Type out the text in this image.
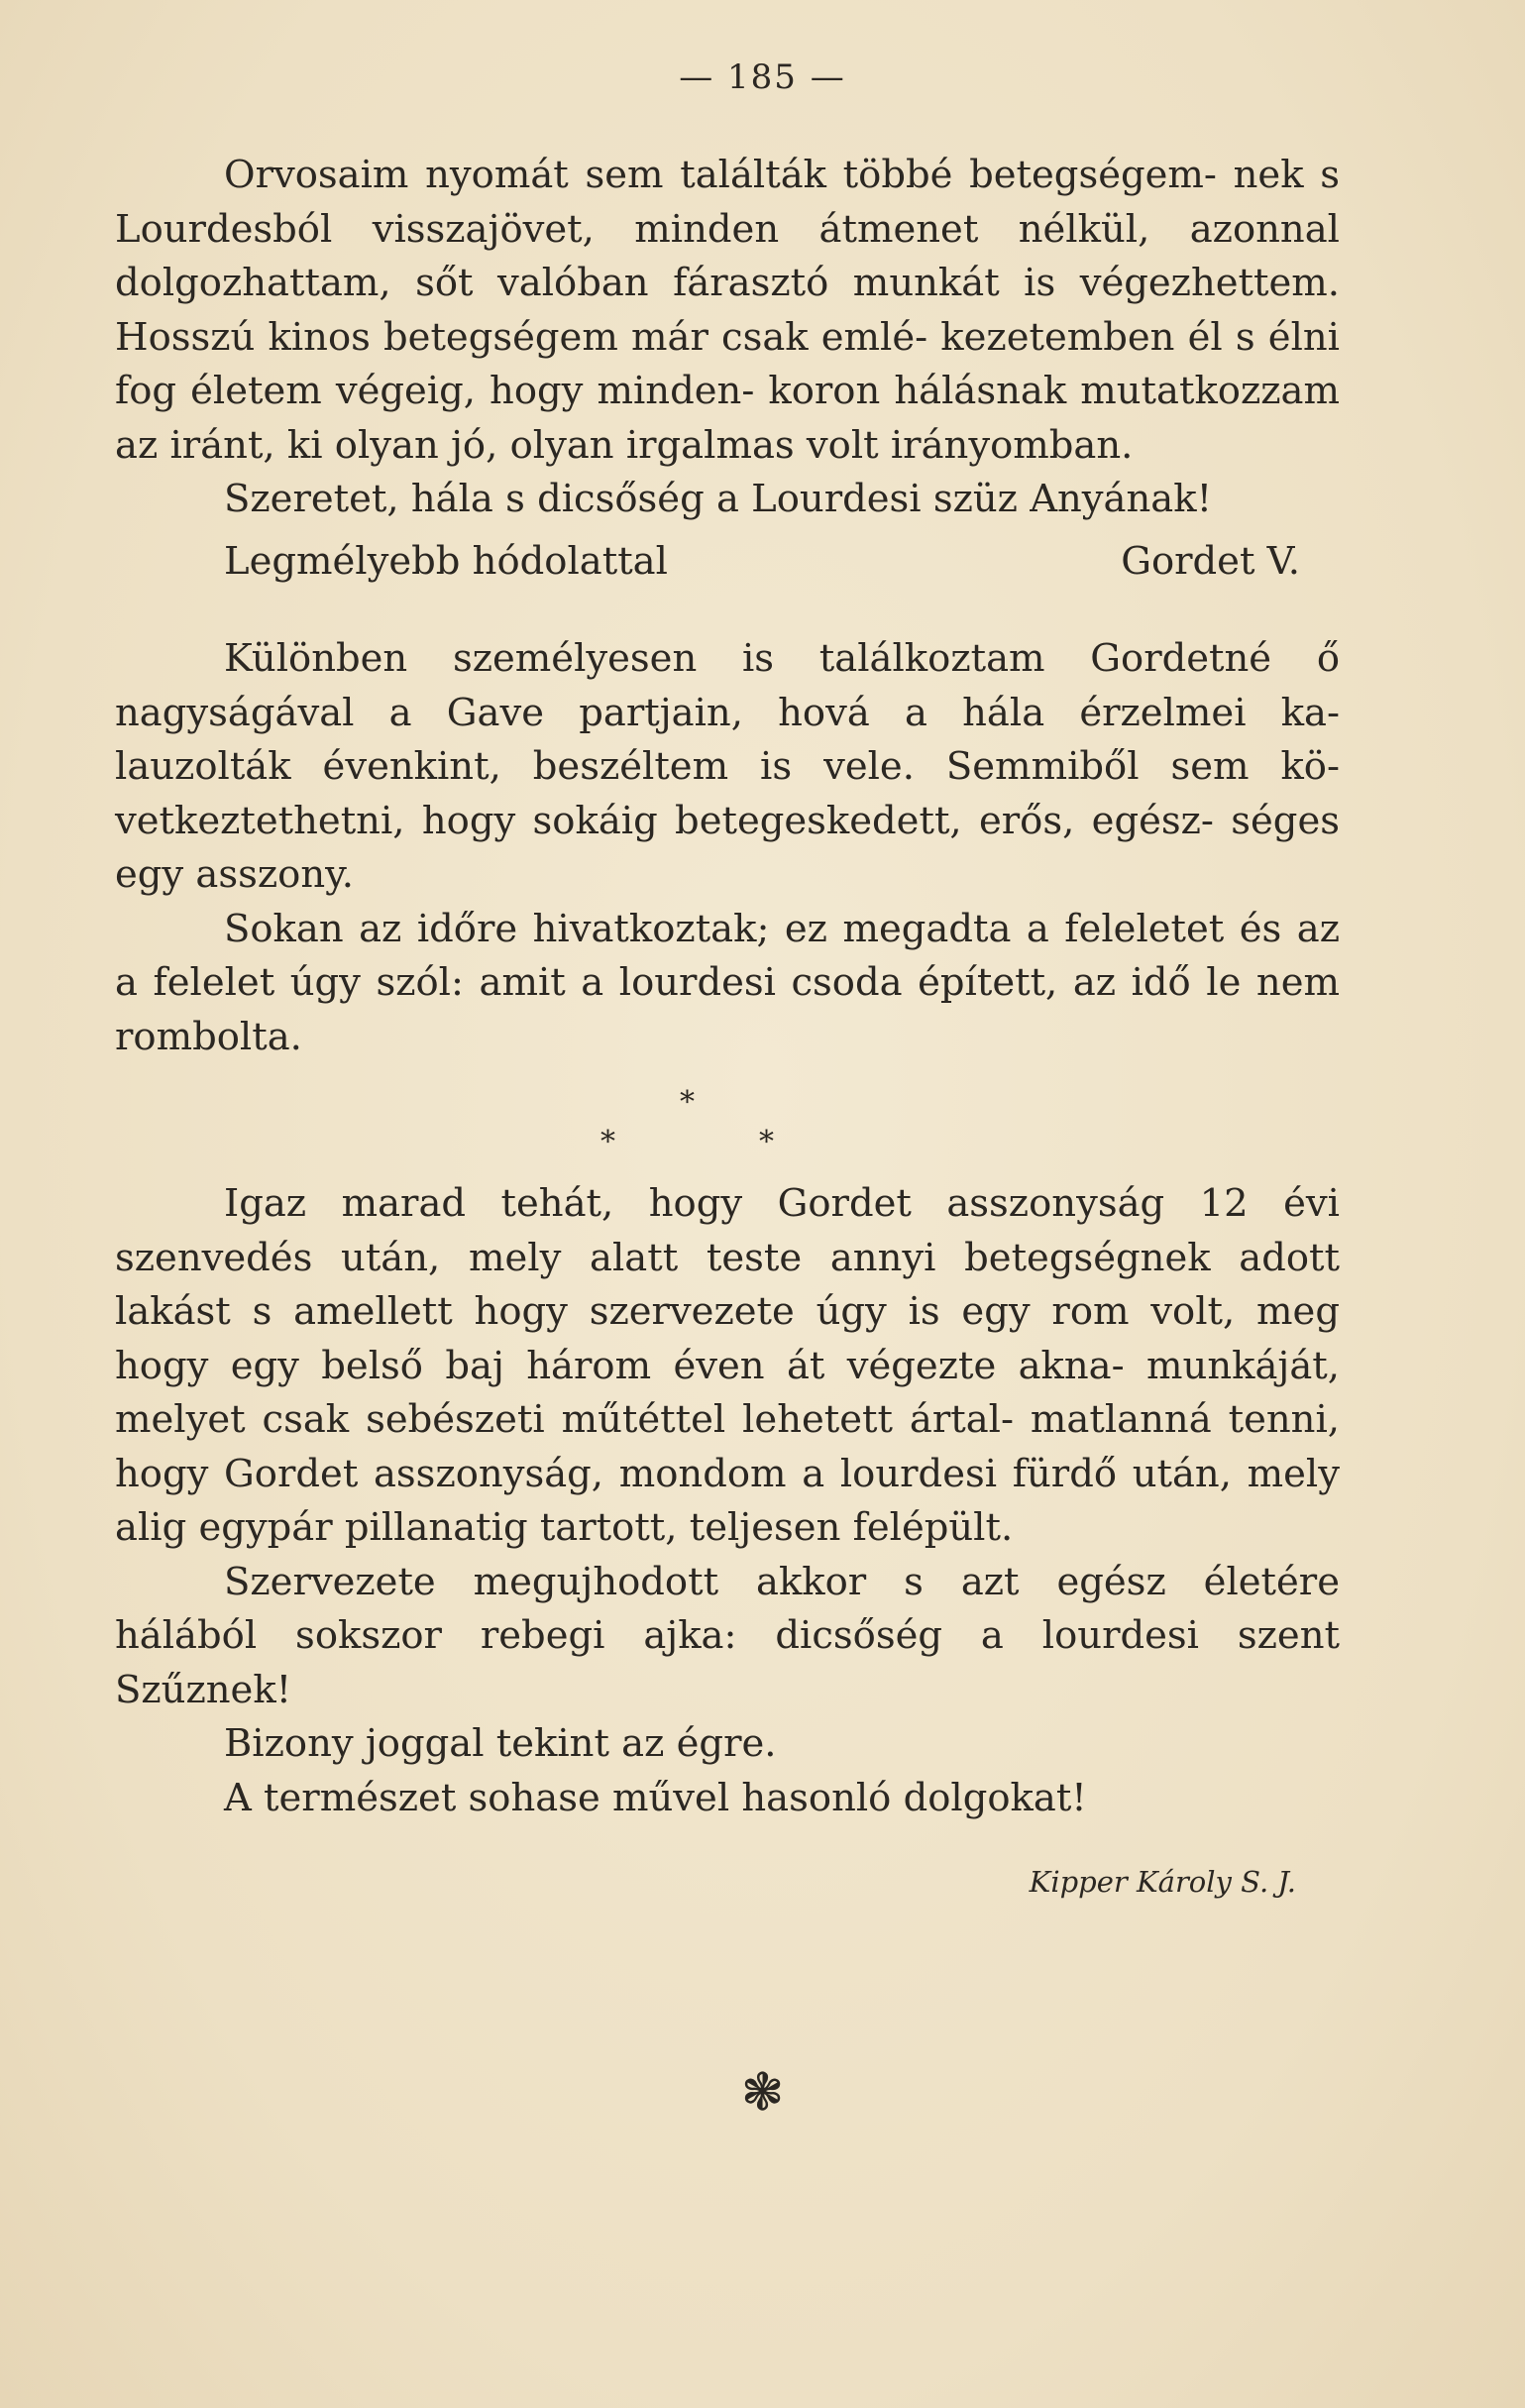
— 185 —

Orvosaim nyomát sem találták többé betegségem- nek s Lourdesból visszajövet, minden átmenet nélkül, azonnal dolgozhattam, sőt valóban fárasztó munkát is végezhettem. Hosszú kinos betegségem már csak emlé- kezetemben él s élni fog életem végeig, hogy minden- koron hálásnak mutatkozzam az iránt, ki olyan jó, olyan irgalmas volt irányomban.

Szeretet, hála s dicsőség a Lourdesi szüz Anyának!

Legmélyebb hódolattal	Gordet V.

Különben személyesen is találkoztam Gordetné ő nagyságával a Gave partjain, hová a hála érzelmei ka- lauzolták évenkint, beszéltem is vele. Semmiből sem kö- vetkeztethetni, hogy sokáig betegeskedett, erős, egész- séges egy asszony.

Sokan az időre hivatkoztak; ez megadta a feleletet és az a felelet úgy szól: amit a lourdesi csoda épített, az idő le nem rombolta.

*
*	*

Igaz marad tehát, hogy Gordet asszonyság 12 évi szenvedés után, mely alatt teste annyi betegségnek adott lakást s amellett hogy szervezete úgy is egy rom volt, meg hogy egy belső baj három éven át végezte akna- munkáját, melyet csak sebészeti műtéttel lehetett ártal- matlanná tenni, hogy Gordet asszonyság, mondom a lourdesi fürdő után, mely alig egypár pillanatig tartott, teljesen felépült.

Szervezete megujhodott akkor s azt egész életére hálából sokszor rebegi ajka: dicsőség a lourdesi szent Szűznek!

Bizony joggal tekint az égre.

A természet sohase művel hasonló dolgokat!

Kipper Károly S. J.
❃
